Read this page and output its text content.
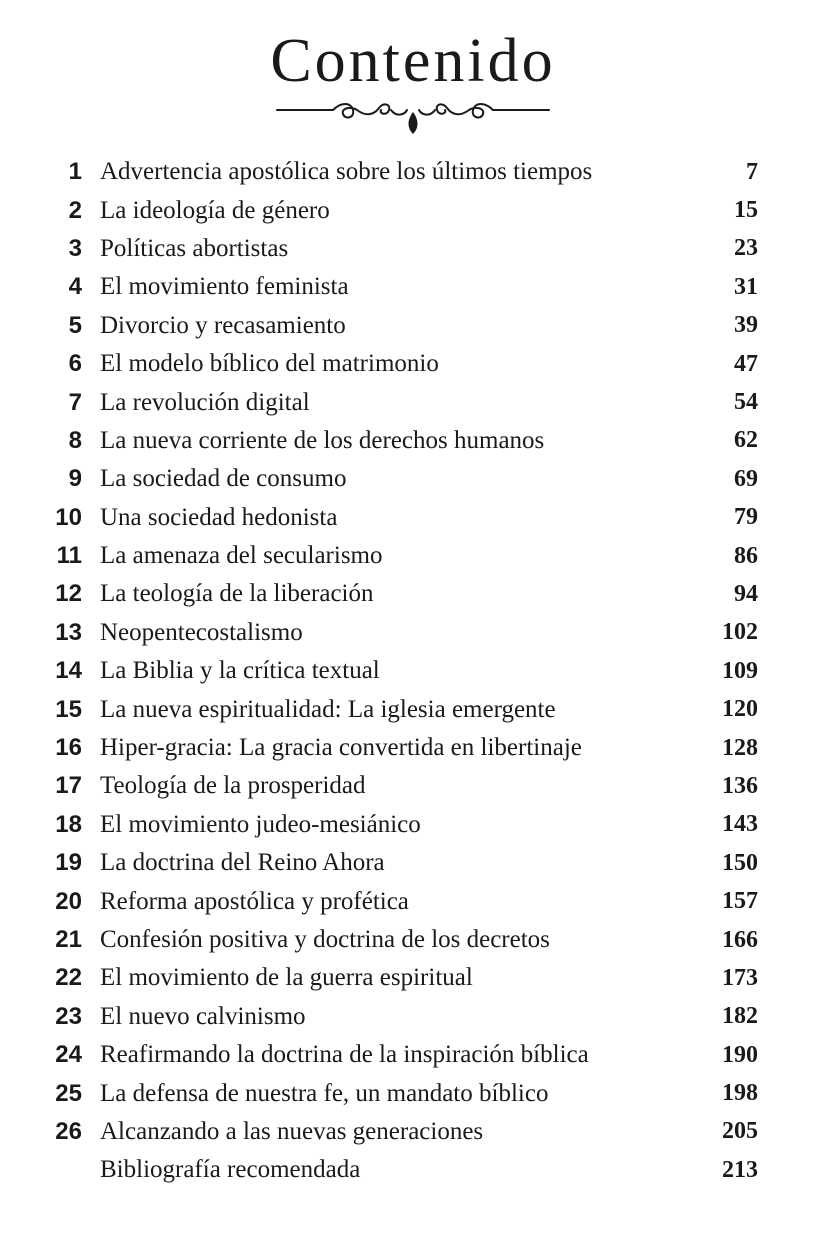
Contenido
1 Advertencia apostólica sobre los últimos tiempos	7
2 La ideología de género	15
3 Políticas abortistas	23
4 El movimiento feminista	31
5 Divorcio y recasamiento	39
6 El modelo bíblico del matrimonio	47
7 La revolución digital	54
8 La nueva corriente de los derechos humanos	62
9 La sociedad de consumo	69
10 Una sociedad hedonista	79
11 La amenaza del secularismo	86
12 La teología de la liberación	94
13 Neopentecostalismo	102
14 La Biblia y la crítica textual	109
15 La nueva espiritualidad: La iglesia emergente	120
16 Hiper-gracia: La gracia convertida en libertinaje	128
17 Teología de la prosperidad	136
18 El movimiento judeo-mesiánico	143
19 La doctrina del Reino Ahora	150
20 Reforma apostólica y profética	157
21 Confesión positiva y doctrina de los decretos	166
22 El movimiento de la guerra espiritual	173
23 El nuevo calvinismo	182
24 Reafirmando la doctrina de la inspiración bíblica	190
25 La defensa de nuestra fe, un mandato bíblico	198
26 Alcanzando a las nuevas generaciones	205
Bibliografía recomendada	213
